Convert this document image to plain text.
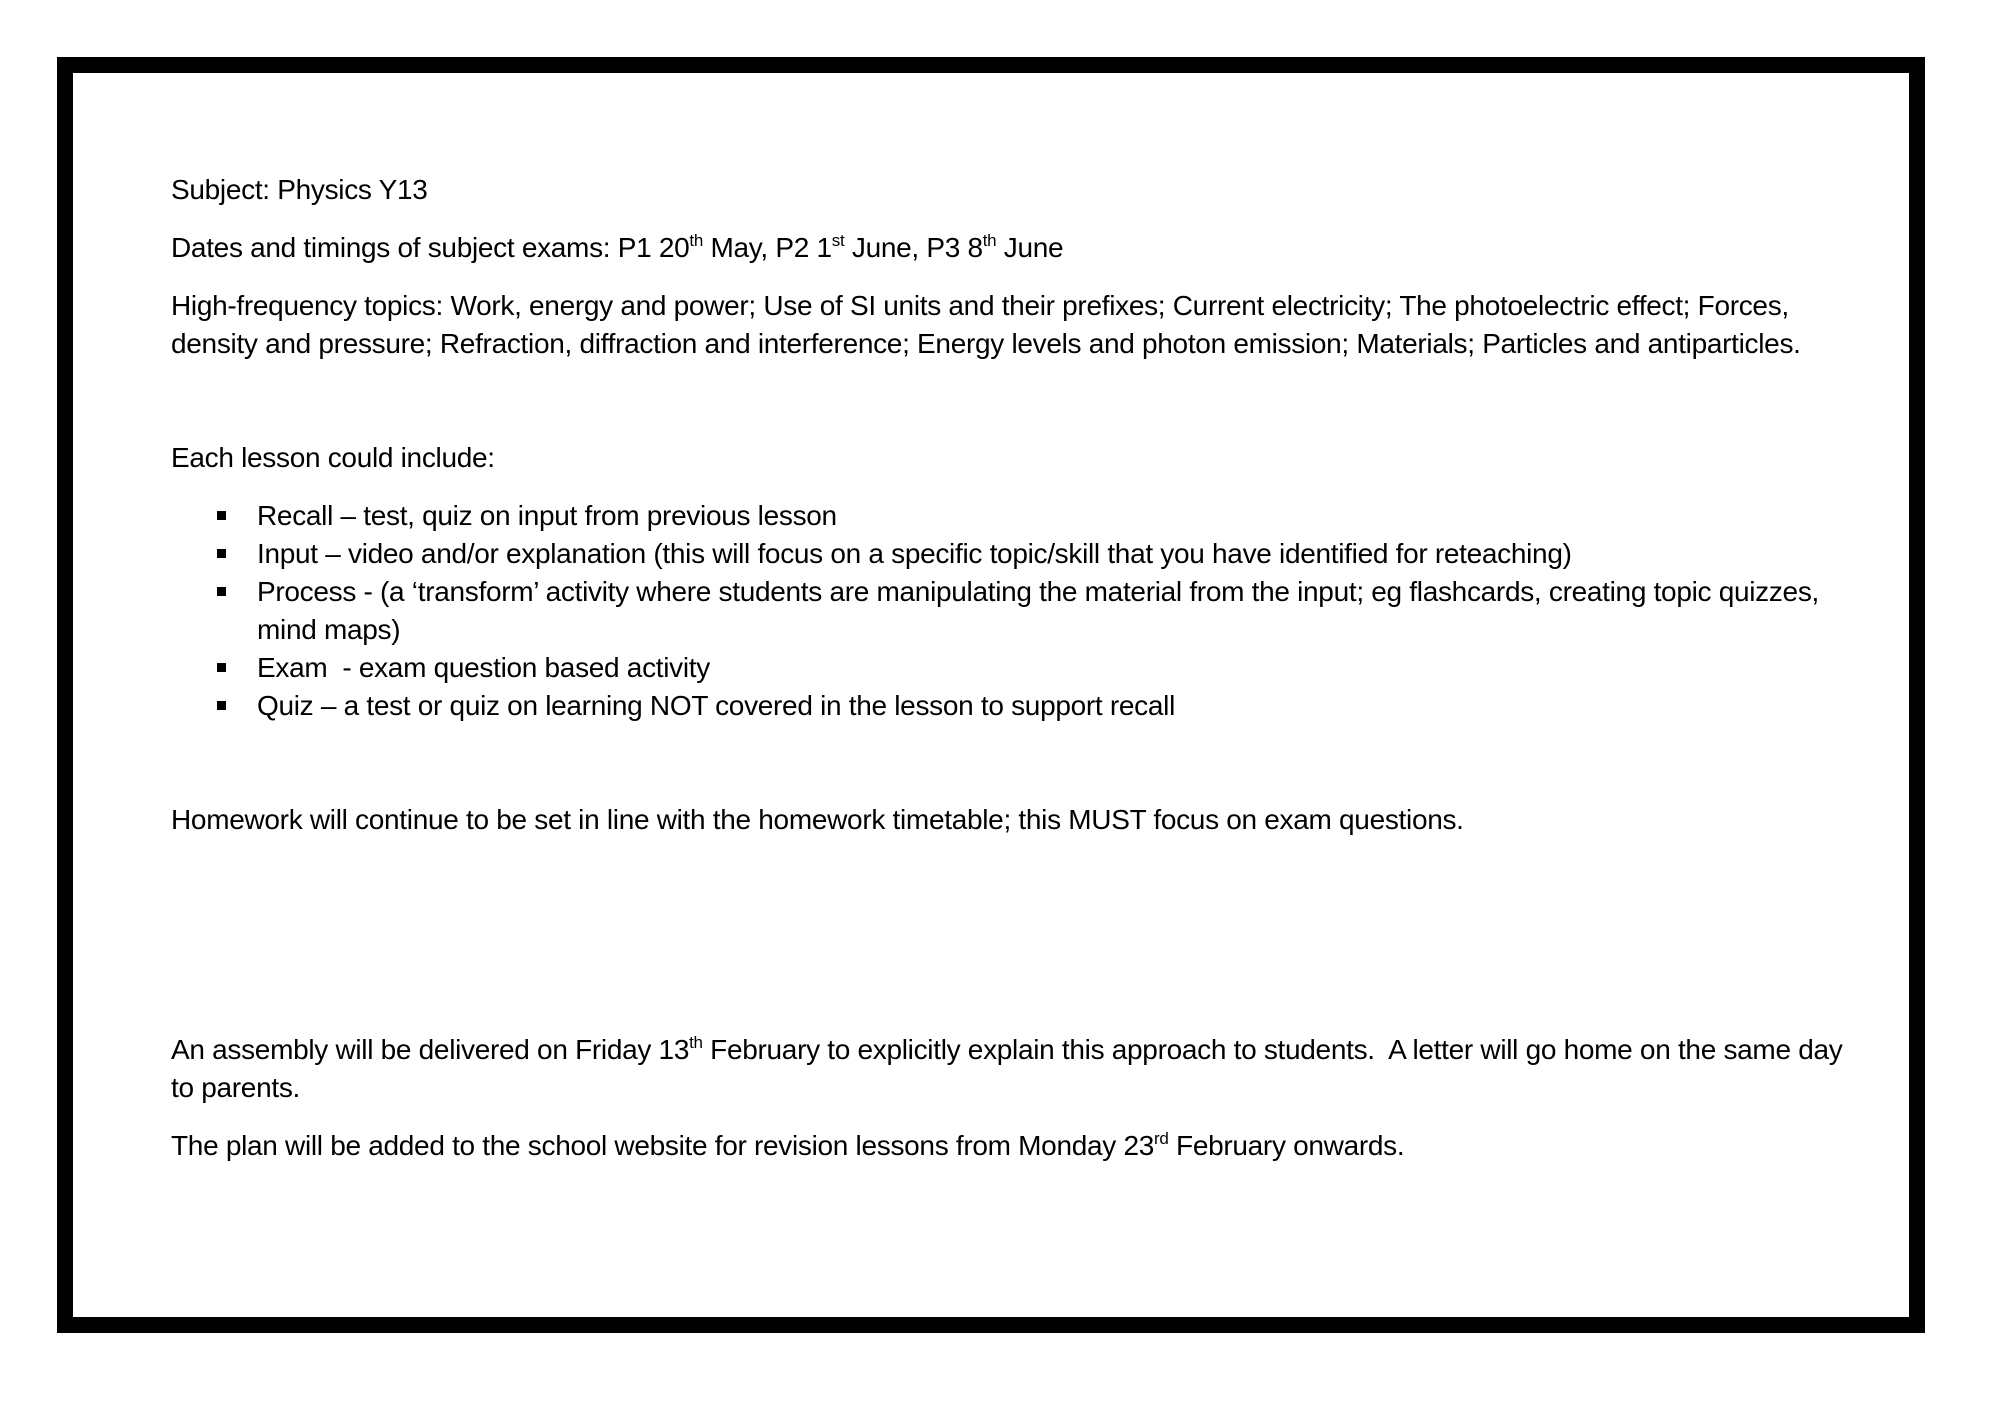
Subject: Physics Y13

Dates and timings of subject exams: P1 20th May, P2 1st June, P3 8th June

High-frequency topics: Work, energy and power; Use of SI units and their prefixes; Current electricity; The photoelectric effect; Forces, density and pressure; Refraction, diffraction and interference; Energy levels and photon emission; Materials; Particles and antiparticles.

Each lesson could include:

Recall – test, quiz on input from previous lesson
Input – video and/or explanation (this will focus on a specific topic/skill that you have identified for reteaching)
Process - (a ‘transform’ activity where students are manipulating the material from the input; eg flashcards, creating topic quizzes, mind maps)
Exam  - exam question based activity
Quiz – a test or quiz on learning NOT covered in the lesson to support recall

Homework will continue to be set in line with the homework timetable; this MUST focus on exam questions.

An assembly will be delivered on Friday 13th February to explicitly explain this approach to students.  A letter will go home on the same day to parents.

The plan will be added to the school website for revision lessons from Monday 23rd February onwards.
